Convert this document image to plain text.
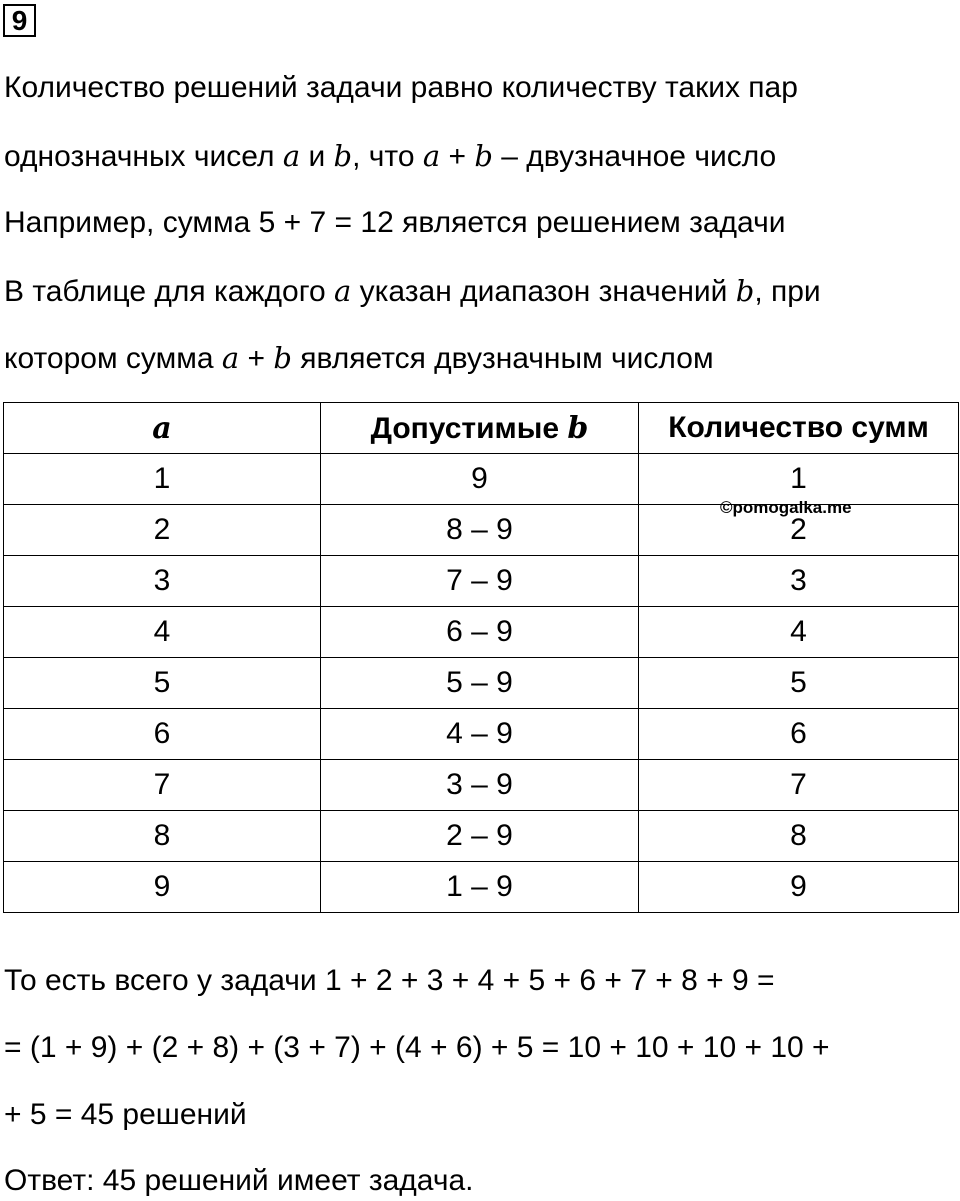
9
Количество решений задачи равно количеству таких пар
однозначных чисел a и b, что a + b – двузначное число
Например, сумма 5 + 7 = 12 является решением задачи
В таблице для каждого a указан диапазон значений b, при
котором сумма a + b является двузначным числом
a	Допустимые b	Количество сумм
1	9	1
2	8 – 9	2
3	7 – 9	3
4	6 – 9	4
5	5 – 9	5
6	4 – 9	6
7	3 – 9	7
8	2 – 9	8
9	1 – 9	9
©pomogalka.me
То есть всего у задачи 1 + 2 + 3 + 4 + 5 + 6 + 7 + 8 + 9 =
= (1 + 9) + (2 + 8) + (3 + 7) + (4 + 6) + 5 = 10 + 10 + 10 + 10 +
+ 5 = 45 решений
Ответ: 45 решений имеет задача.
